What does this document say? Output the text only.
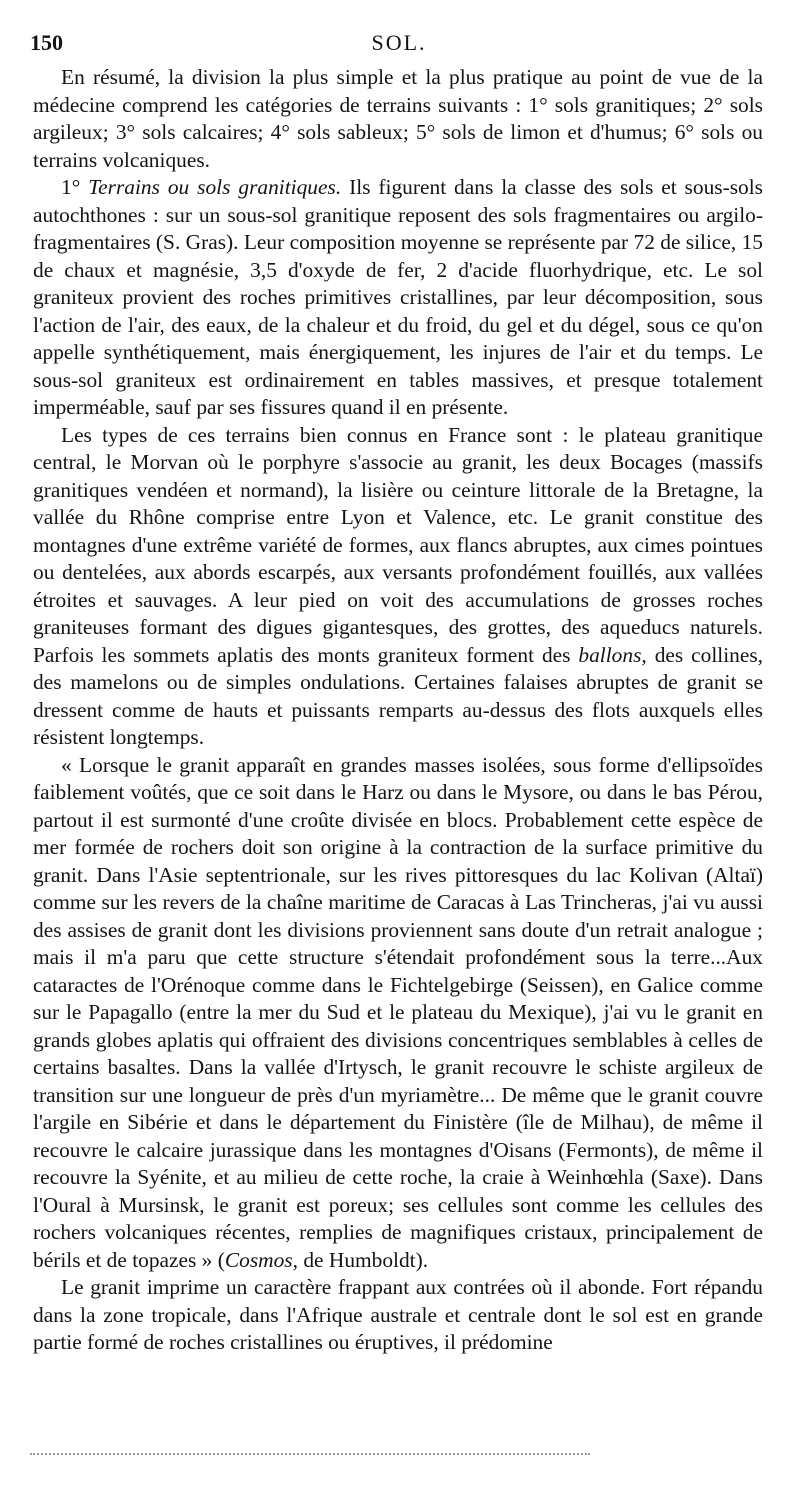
150	SOL.

En résumé, la division la plus simple et la plus pratique au point de vue de la médecine comprend les catégories de terrains suivants : 1° sols granitiques; 2° sols argileux; 3° sols calcaires; 4° sols sableux; 5° sols de limon et d'humus; 6° sols ou terrains volcaniques.

1° Terrains ou sols granitiques. Ils figurent dans la classe des sols et sous-sols autochthones : sur un sous-sol granitique reposent des sols fragmentaires ou argilo-fragmentaires (S. Gras). Leur composition moyenne se représente par 72 de silice, 15 de chaux et magnésie, 3,5 d'oxyde de fer, 2 d'acide fluorhydrique, etc. Le sol graniteux provient des roches primitives cristallines, par leur décomposition, sous l'action de l'air, des eaux, de la chaleur et du froid, du gel et du dégel, sous ce qu'on appelle synthétiquement, mais énergiquement, les injures de l'air et du temps. Le sous-sol graniteux est ordinairement en tables massives, et presque totalement imperméable, sauf par ses fissures quand il en présente.

Les types de ces terrains bien connus en France sont : le plateau granitique central, le Morvan où le porphyre s'associe au granit, les deux Bocages (massifs granitiques vendéen et normand), la lisière ou ceinture littorale de la Bretagne, la vallée du Rhône comprise entre Lyon et Valence, etc. Le granit constitue des montagnes d'une extrême variété de formes, aux flancs abruptes, aux cimes pointues ou dentelées, aux abords escarpés, aux versants profondément fouillés, aux vallées étroites et sauvages. A leur pied on voit des accumulations de grosses roches graniteuses formant des digues gigantesques, des grottes, des aqueducs naturels. Parfois les sommets aplatis des monts graniteux forment des ballons, des collines, des mamelons ou de simples ondulations. Certaines falaises abruptes de granit se dressent comme de hauts et puissants remparts au-dessus des flots auxquels elles résistent longtemps.

« Lorsque le granit apparaît en grandes masses isolées, sous forme d'ellipsoïdes faiblement voûtés, que ce soit dans le Harz ou dans le Mysore, ou dans le bas Pérou, partout il est surmonté d'une croûte divisée en blocs. Probablement cette espèce de mer formée de rochers doit son origine à la contraction de la surface primitive du granit. Dans l'Asie septentrionale, sur les rives pittoresques du lac Kolivan (Altaï) comme sur les revers de la chaîne maritime de Caracas à Las Trincheras, j'ai vu aussi des assises de granit dont les divisions proviennent sans doute d'un retrait analogue ; mais il m'a paru que cette structure s'étendait profondément sous la terre...Aux cataractes de l'Orénoque comme dans le Fichtelgebirge (Seissen), en Galice comme sur le Papagallo (entre la mer du Sud et le plateau du Mexique), j'ai vu le granit en grands globes aplatis qui offraient des divisions concentriques semblables à celles de certains basaltes. Dans la vallée d'Irtysch, le granit recouvre le schiste argileux de transition sur une longueur de près d'un myriamètre... De même que le granit couvre l'argile en Sibérie et dans le département du Finistère (île de Milhau), de même il recouvre le calcaire jurassique dans les montagnes d'Oisans (Fermonts), de même il recouvre la Syénite, et au milieu de cette roche, la craie à Weinhœhla (Saxe). Dans l'Oural à Mursinsk, le granit est poreux; ses cellules sont comme les cellules des rochers volcaniques récentes, remplies de magnifiques cristaux, principalement de bérils et de topazes » (Cosmos, de Humboldt).

Le granit imprime un caractère frappant aux contrées où il abonde. Fort répandu dans la zone tropicale, dans l'Afrique australe et centrale dont le sol est en grande partie formé de roches cristallines ou éruptives, il prédomine
